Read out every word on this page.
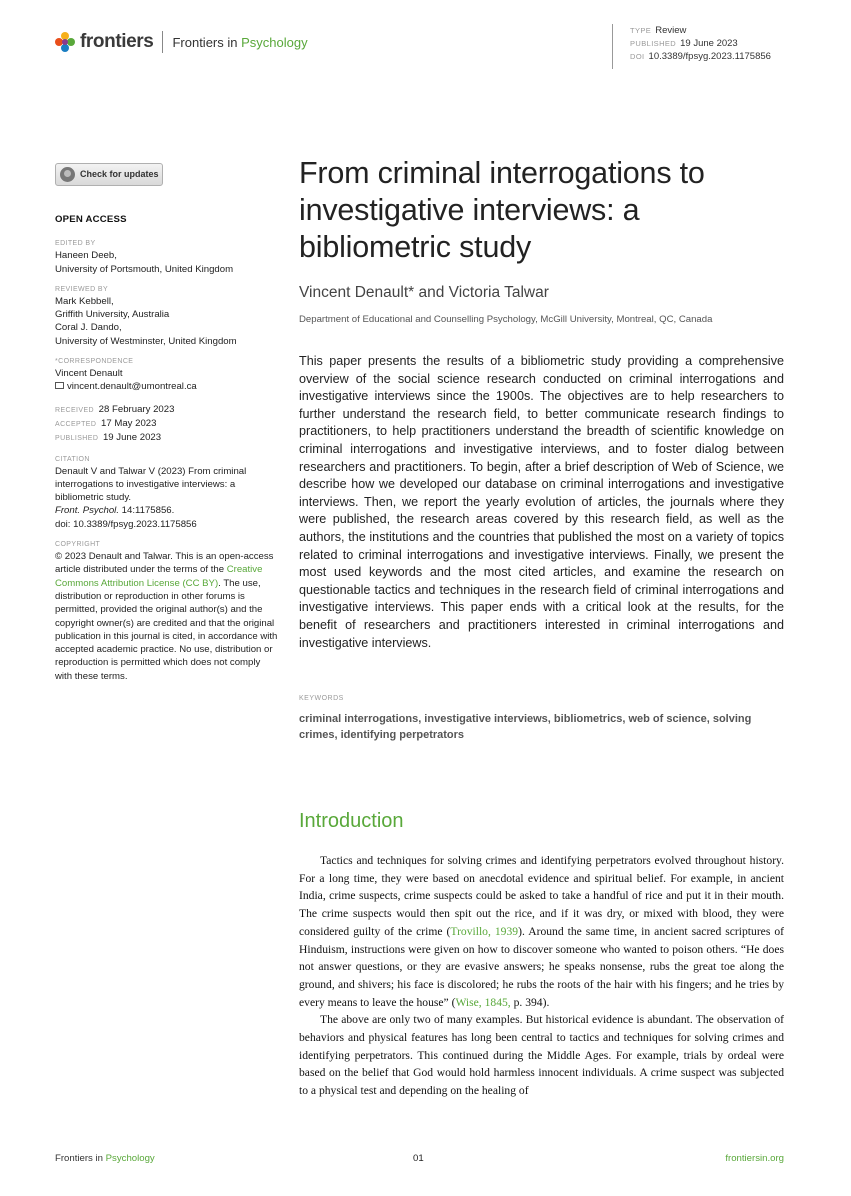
frontiers Frontiers in Psychology
TYPE Review
PUBLISHED 19 June 2023
DOI 10.3389/fpsyg.2023.1175856
Check for updates
OPEN ACCESS
EDITED BY
Haneen Deeb,
University of Portsmouth, United Kingdom
REVIEWED BY
Mark Kebbell,
Griffith University, Australia
Coral J. Dando,
University of Westminster, United Kingdom
*CORRESPONDENCE
Vincent Denault
vincent.denault@umontreal.ca
RECEIVED 28 February 2023
ACCEPTED 17 May 2023
PUBLISHED 19 June 2023
CITATION
Denault V and Talwar V (2023) From criminal interrogations to investigative interviews: a bibliometric study.
Front. Psychol. 14:1175856.
doi: 10.3389/fpsyg.2023.1175856
COPYRIGHT
© 2023 Denault and Talwar. This is an open-access article distributed under the terms of the Creative Commons Attribution License (CC BY). The use, distribution or reproduction in other forums is permitted, provided the original author(s) and the copyright owner(s) are credited and that the original publication in this journal is cited, in accordance with accepted academic practice. No use, distribution or reproduction is permitted which does not comply with these terms.
From criminal interrogations to investigative interviews: a bibliometric study
Vincent Denault* and Victoria Talwar
Department of Educational and Counselling Psychology, McGill University, Montreal, QC, Canada
This paper presents the results of a bibliometric study providing a comprehensive overview of the social science research conducted on criminal interrogations and investigative interviews since the 1900s. The objectives are to help researchers to further understand the research field, to better communicate research findings to practitioners, to help practitioners understand the breadth of scientific knowledge on criminal interrogations and investigative interviews, and to foster dialog between researchers and practitioners. To begin, after a brief description of Web of Science, we describe how we developed our database on criminal interrogations and investigative interviews. Then, we report the yearly evolution of articles, the journals where they were published, the research areas covered by this research field, as well as the authors, the institutions and the countries that published the most on a variety of topics related to criminal interrogations and investigative interviews. Finally, we present the most used keywords and the most cited articles, and examine the research on questionable tactics and techniques in the research field of criminal interrogations and investigative interviews. This paper ends with a critical look at the results, for the benefit of researchers and practitioners interested in criminal interrogations and investigative interviews.
KEYWORDS
criminal interrogations, investigative interviews, bibliometrics, web of science, solving crimes, identifying perpetrators
Introduction

Tactics and techniques for solving crimes and identifying perpetrators evolved throughout history. For a long time, they were based on anecdotal evidence and spiritual belief. For example, in ancient India, crime suspects, crime suspects could be asked to take a handful of rice and put it in their mouth. The crime suspects would then spit out the rice, and if it was dry, or mixed with blood, they were considered guilty of the crime (Trovillo, 1939). Around the same time, in ancient sacred scriptures of Hinduism, instructions were given on how to discover someone who wanted to poison others. “He does not answer questions, or they are evasive answers; he speaks nonsense, rubs the great toe along the ground, and shivers; his face is discolored; he rubs the roots of the hair with his fingers; and he tries by every means to leave the house” (Wise, 1845, p. 394).

The above are only two of many examples. But historical evidence is abundant. The observation of behaviors and physical features has long been central to tactics and techniques for solving crimes and identifying perpetrators. This continued during the Middle Ages. For example, trials by ordeal were based on the belief that God would hold harmless innocent individuals. A crime suspect was subjected to a physical test and depending on the healing of

Frontiers in Psychology	01	frontiersin.org
